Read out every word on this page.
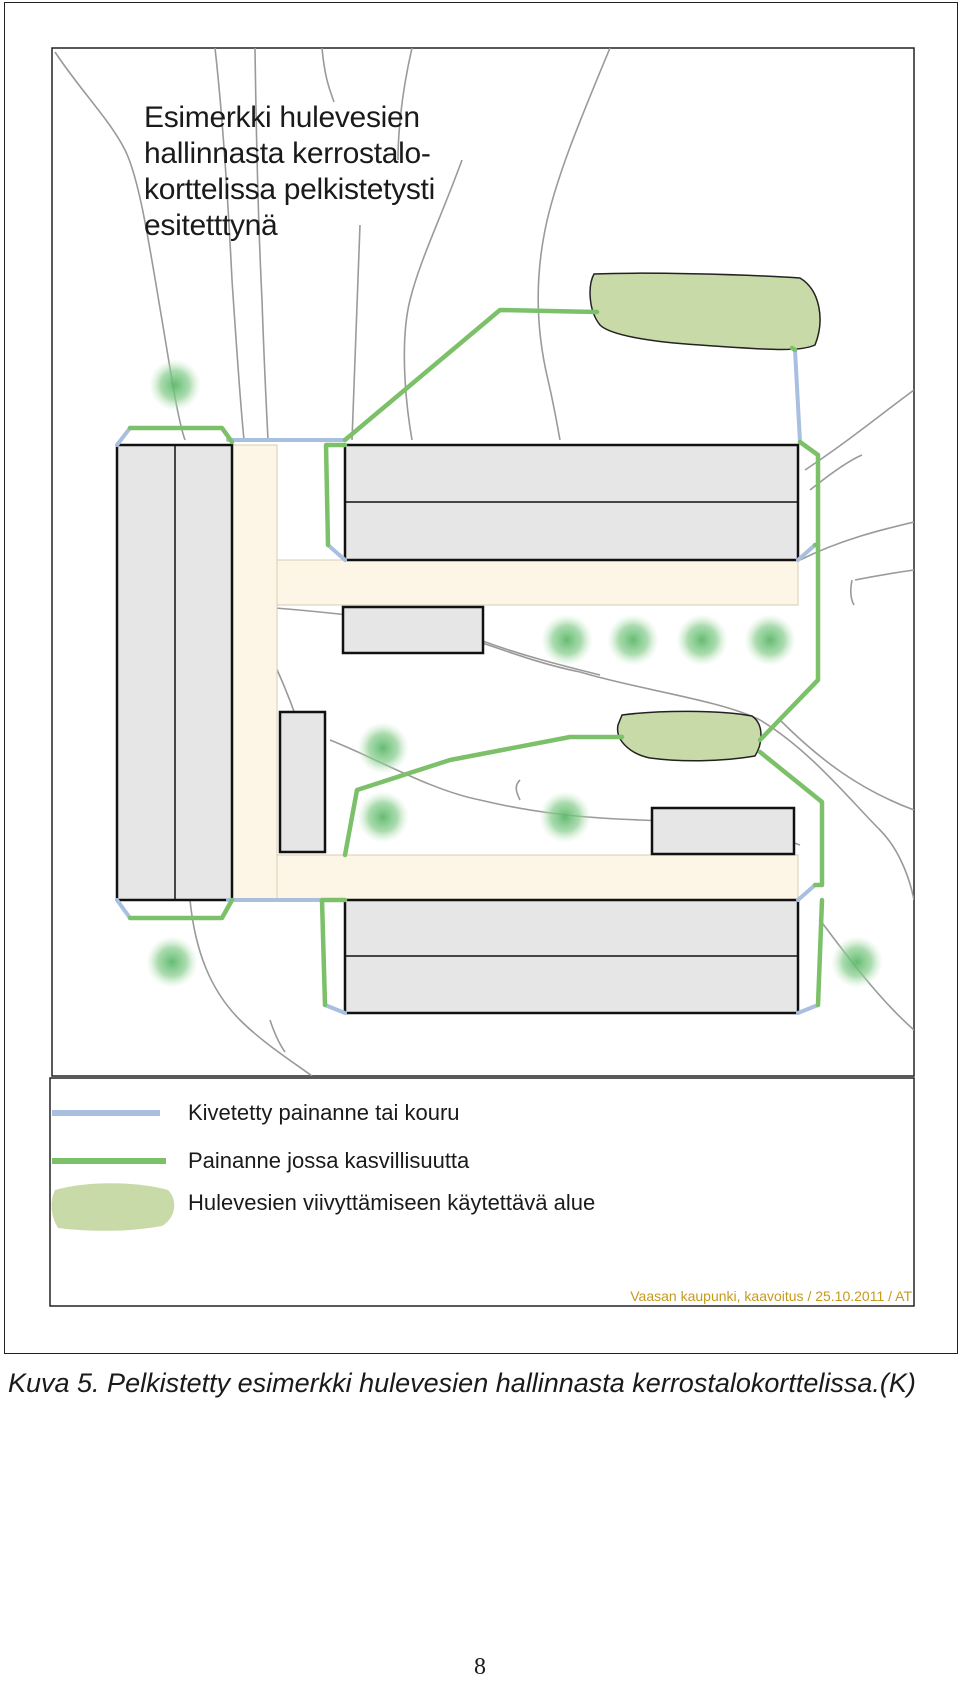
Esimerkki hulevesien
hallinnasta kerrostalo-
korttelissa pelkistetysti
esitetttynä
Kivetetty painanne tai kouru
Painanne jossa kasvillisuutta
Hulevesien viivyttämiseen käytettävä alue
Vaasan kaupunki, kaavoitus / 25.10.2011 / AT
Kuva 5. Pelkistetty esimerkki hulevesien hallinnasta kerrostalokorttelissa.(K)
8
